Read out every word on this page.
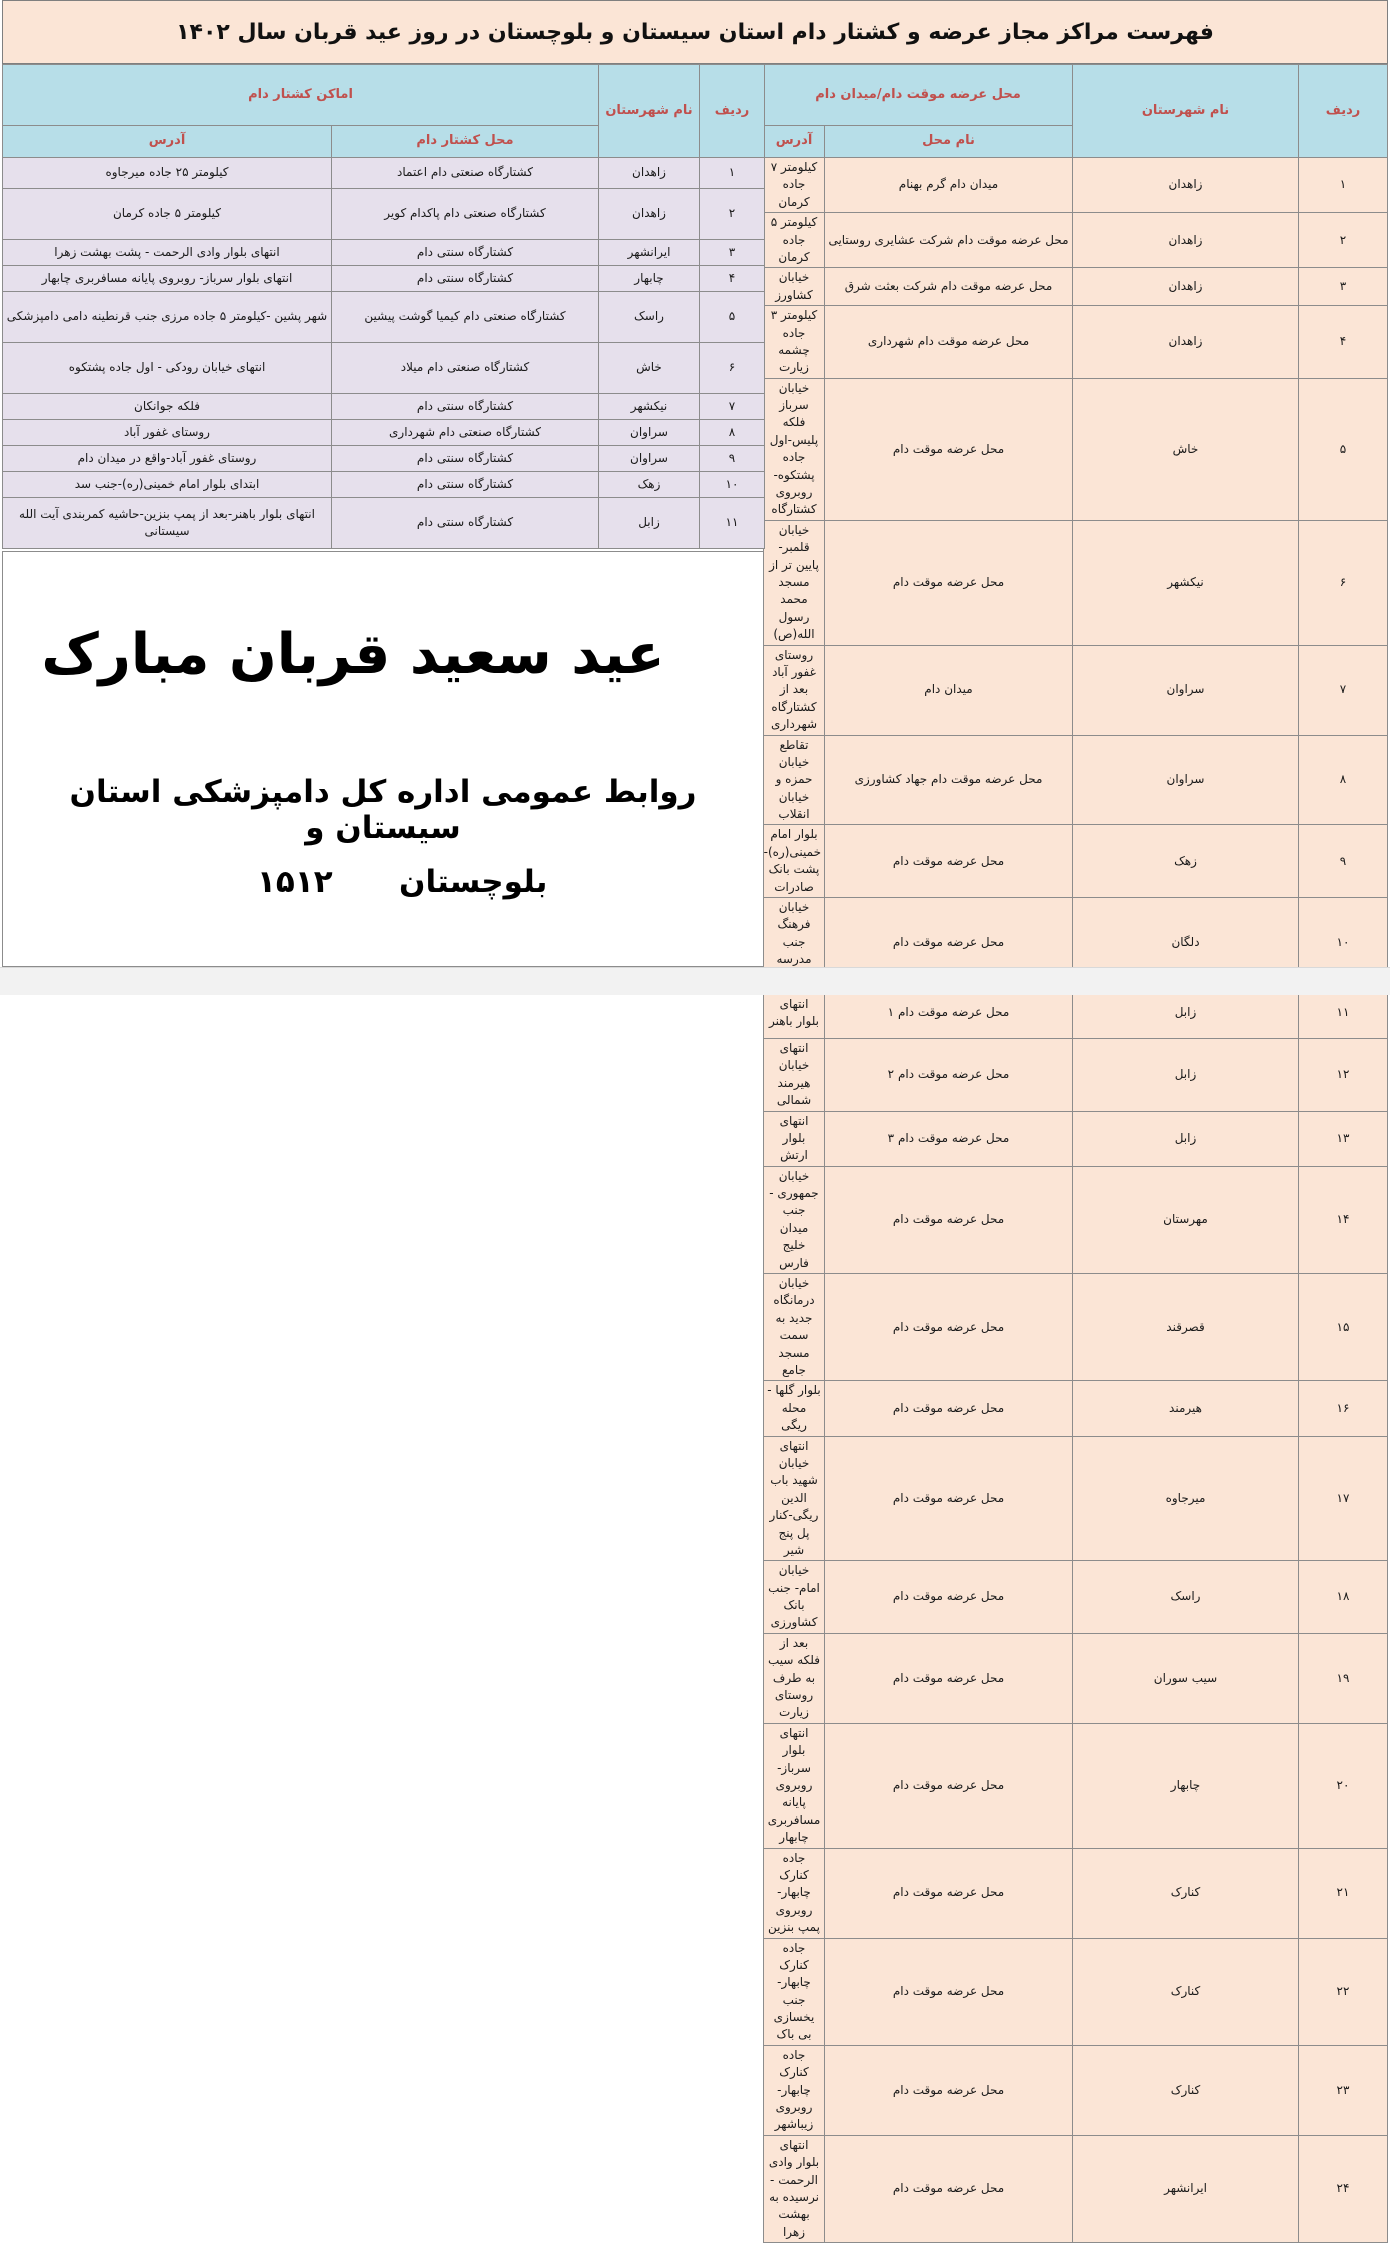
فهرست مراکز مجاز عرضه و کشتار دام استان سیستان و بلوچستان در روز عید قربان سال ۱۴۰۲
ردیف	نام شهرستان	محل عرضه موقت دام/میدان دام	
		نام محل	آدرس
۱	زاهدان	میدان دام گرم بهنام	کیلومتر ۷ جاده کرمان
۲	زاهدان	محل عرضه موقت دام شرکت عشایری روستایی	کیلومتر ۵ جاده کرمان
۳	زاهدان	محل عرضه موقت دام شرکت بعثت شرق	خیابان کشاورز
۴	زاهدان	محل عرضه موقت دام شهرداری	کیلومتر ۳ جاده چشمه زیارت
۵	خاش	محل عرضه موقت دام	خیابان سرباز فلکه پلیس-اول جاده پشتکوه-روبروی کشتارگاه
۶	نیکشهر	محل عرضه موقت دام	خیابان قلمبر-پایین تر از مسجد محمد رسول الله(ص)
۷	سراوان	میدان دام	روستای غفور آباد بعد از کشتارگاه شهرداری
۸	سراوان	محل عرضه موقت دام جهاد کشاورزی	تقاطع خیابان حمزه و خیابان انقلاب
۹	زهک	محل عرضه موقت دام	بلوار امام خمینی(ره)- پشت بانک صادرات
۱۰	دلگان	محل عرضه موقت دام	خیابان فرهنگ جنب مدرسه
۱۱	زابل	محل عرضه موقت دام ۱	انتهای بلوار باهنر
۱۲	زابل	محل عرضه موقت دام ۲	انتهای خیابان هیرمند شمالی
۱۳	زابل	محل عرضه موقت دام ۳	انتهای بلوار ارتش
۱۴	مهرستان	محل عرضه موقت دام	خیابان جمهوری - جنب میدان خلیج فارس
۱۵	قصرقند	محل عرضه موقت دام	خیابان درمانگاه جدید به سمت مسجد جامع
۱۶	هیرمند	محل عرضه موقت دام	بلوار گلها - محله ریگی
۱۷	میرجاوه	محل عرضه موقت دام	انتهای خیابان شهید باب الدین ریگی-کنار پل پنج شیر
۱۸	راسک	محل عرضه موقت دام	خیابان امام- جنب بانک کشاورزی
۱۹	سیب سوران	محل عرضه موقت دام	بعد از فلکه سیب به طرف روستای زیارت
۲۰	چابهار	محل عرضه موقت دام	انتهای بلوار سرباز- روبروی پایانه مسافربری چابهار
۲۱	کنارک	محل عرضه موقت دام	جاده کنارک چابهار-روبروی پمپ بنزین
۲۲	کنارک	محل عرضه موقت دام	جاده کنارک چابهار- جنب یخسازی بی باک
۲۳	کنارک	محل عرضه موقت دام	جاده کنارک چابهار- روبروی زیباشهر
۲۴	ایرانشهر	محل عرضه موقت دام	انتهای بلوار وادی الرحمت - نرسیده به بهشت زهرا
ردیف	نام شهرستان	اماکن کشتار دام	
		محل کشتار دام	آدرس
۱	زاهدان	کشتارگاه صنعتی دام اعتماد	کیلومتر ۲۵ جاده میرجاوه
۲	زاهدان	کشتارگاه صنعتی دام پاکدام کویر	کیلومتر ۵ جاده کرمان
۳	ایرانشهر	کشتارگاه سنتی دام	انتهای بلوار وادی الرحمت - پشت بهشت زهرا
۴	چابهار	کشتارگاه سنتی دام	انتهای بلوار سرباز- روبروی پایانه مسافربری چابهار
۵	راسک	کشتارگاه صنعتی دام کیمیا گوشت پیشین	شهر پشین -کیلومتر ۵ جاده مرزی جنب قرنطینه دامی دامپزشکی
۶	خاش	کشتارگاه صنعتی دام میلاد	انتهای خیابان رودکی - اول جاده پشتکوه
۷	نیکشهر	کشتارگاه سنتی دام	فلکه جوانکان
۸	سراوان	کشتارگاه صنعتی دام شهرداری	روستای غفور آباد
۹	سراوان	کشتارگاه سنتی دام	روستای غفور آباد-واقع در میدان دام
۱۰	زهک	کشتارگاه سنتی دام	ابتدای بلوار امام خمینی(ره)-جنب سد
۱۱	زابل	کشتارگاه سنتی دام	انتهای بلوار باهنر-بعد از پمپ بنزین-حاشیه کمربندی آیت الله سیستانی
عید سعید قربان مبارک
روابط عمومی اداره کل دامپزشکی استان سیستان و
۱۵۱۲ بلوچستان
